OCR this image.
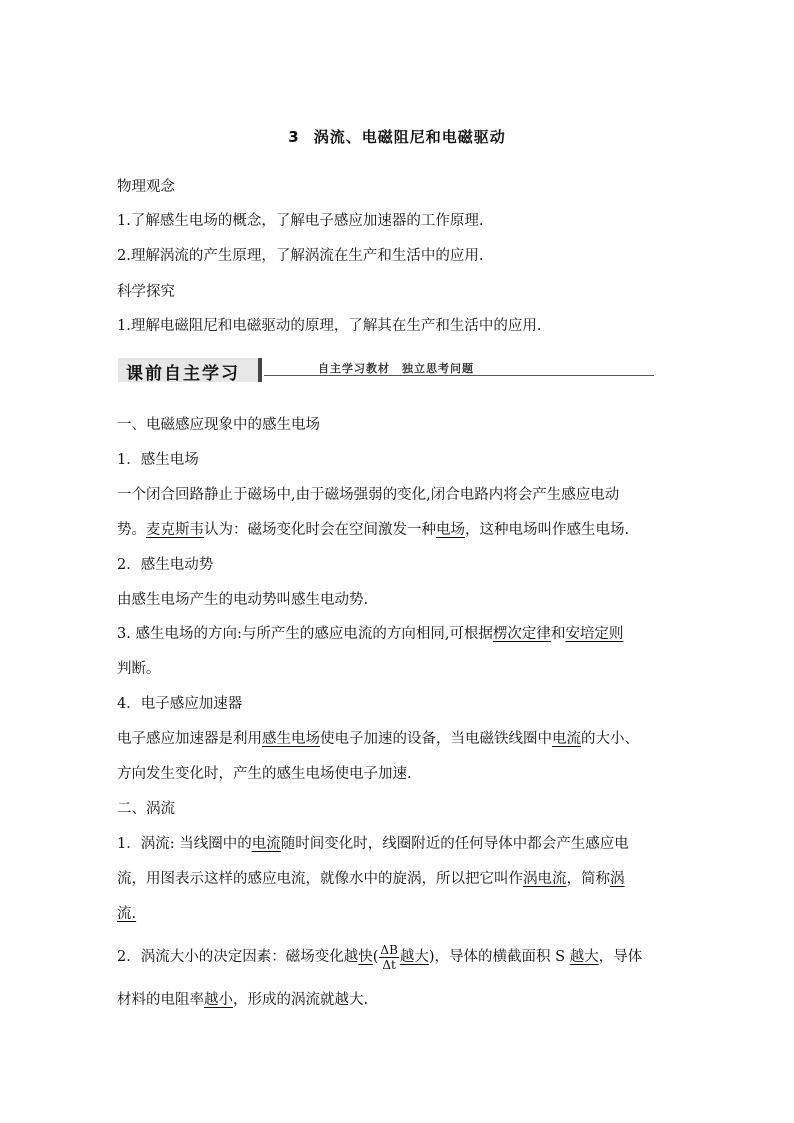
3 涡流、电磁阻尼和电磁驱动
物理观念
1.了解感生电场的概念，了解电子感应加速器的工作原理.
2.理解涡流的产生原理，了解涡流在生产和生活中的应用.
科学探究
1.理解电磁阻尼和电磁驱动的原理，了解其在生产和生活中的应用.
课前自主学习	自主学习教材　独立思考问题
一、电磁感应现象中的感生电场
1．感生电场
一个闭合回路静止于磁场中,由于磁场强弱的变化,闭合电路内将会产生感应电动
势。麦克斯韦认为：磁场变化时会在空间激发一种电场，这种电场叫作感生电场.
2．感生电动势
由感生电场产生的电动势叫感生电动势.
3. 感生电场的方向:与所产生的感应电流的方向相同,可根据楞次定律和安培定则
判断。
4．电子感应加速器
电子感应加速器是利用感生电场使电子加速的设备，当电磁铁线圈中电流的大小、
方向发生变化时，产生的感生电场使电子加速.
二、涡流
1．涡流: 当线圈中的电流随时间变化时，线圈附近的任何导体中都会产生感应电
流，用图表示这样的感应电流，就像水中的旋涡，所以把它叫作涡电流，简称涡
流.
2．涡流大小的决定因素：磁场变化越快( $\frac{\Delta B}{\Delta t}$ 越大)，导体的横截面积 S 越大，导体
材料的电阻率越小，形成的涡流就越大.
